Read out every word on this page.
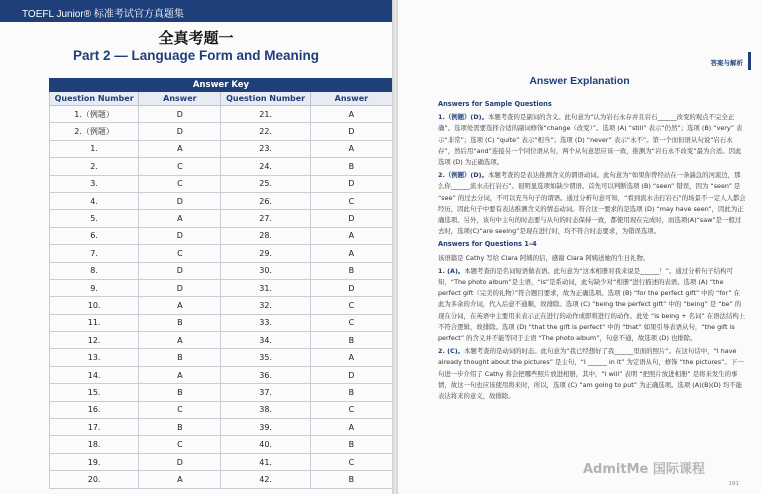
TOEFL Junior® 标准考试官方真题集
全真考题一
Part 2 — Language Form and Meaning
Answer Key			
Question Number	Answer	Question Number	Answer
1.（例题）	D	21.	A
2.（例题）	D	22.	D
1.	A	23.	A
2.	C	24.	B
3.	C	25.	D
4.	D	26.	C
5.	A	27.	D
6.	D	28.	A
7.	C	29.	A
8.	D	30.	B
9.	D	31.	D
10.	A	32.	C
11.	B	33.	C
12.	A	34.	B
13.	B	35.	A
14.	A	36.	D
15.	B	37.	B
16.	C	38.	C
17.	B	39.	A
18.	C	40.	B
19.	D	41.	C
20.	A	42.	B
答案与解析
Answer Explanation
Answers for Sample Questions
1.（例题）(D)。本题考查的是副词的含义。此句意为“认为岩石永存并且岩石______改变的观点不完全正确”。选项处需要选择合适的副词修饰“change（改变）”。选项 (A) “still” 表示“仍然”；选项 (B) “very” 表示“非常”；选项 (C) “quite” 表示“相当”；选项 (D) “never” 表示“永不”。第一个而但语从句说“岩石永存”，然后用“and”连接另一个同位语从句，两个从句意思应该一致，推测为“岩石永不改变”最为合适。因此选项 (D) 为正确选项。
2.（例题）(D)。本题考查的是表达推测含义的谓语动词。此句意为“如果你曾经站在一条湍急的河流边，那么你______流水击打岩石”。很明显选项如缺少谓语。首先可以判断选项 (B) “seen” 错误，因为 “seen” 是 “see” 的过去分词，不可以充当句子的谓语。通过分析句意可知，“看到流水击打岩石”的场景不一定人人都会经历，因此句子中要有表达推测含义的情态动词。符合这一要求的是选项 (D) “may have seen”，因此为正确选项。另外，该句中主句的时态要与从句的时态保持一致，都使用现在完成时，而选项(A)“saw”是一般过去时，选项(C)“are seeing”是现在进行时，均不符合时态要求，为错误选项。
Answers for Questions 1–4
该语篇是 Cathy 写给 Clara 阿姨的信，感谢 Clara 阿姨送她的生日礼物。
1. (A)。本题考查的是名词短语做表语。此句意为“这本相册对我来说是______！”。通过分析句子结构可知，“The photo album”是主语，“is”是系动词，此句缺少对“相册”进行描述的表语。选项 (A) “the perfect gift（完美的礼物）”符合题目要求，故为正确选项。选项 (B) “for the perfect gift” 中的 “for” 在此为多余的介词，代入后意不通顺，故排除。选项 (C) “being the perfect gift” 中的 “being” 是 “be” 的现在分词，在英语中主要用来表示正在进行的动作或即将进行的动作。此处 “is being + 名词” 在语法结构上不符合逻辑，故排除。选项 (D) “that the gift is perfect” 中的 “that” 如果引导表语从句，“the gift is perfect” 的含义并不能等同于主语 “The photo album”，句意不通，故选项 (D) 也排除。
2. (C)。本题考查的是动词的时态。此句意为“我已经想好了我______里面的照片”。在这句话中，“I have already thought about the pictures” 是主句，“I ______ in it” 为定语从句，修饰 “the pictures”。下一句进一步介绍了 Cathy 将会把哪些照片放进相册，其中，“I will” 表明 “把照片放进相册” 是将来发生的事情，故这一句也应该使用将来时，所以，选项 (C) “am going to put” 为正确选项。选项 (A)(B)(D) 均不能表达将来的意义，故排除。
AdmitMe 国际课程
191
